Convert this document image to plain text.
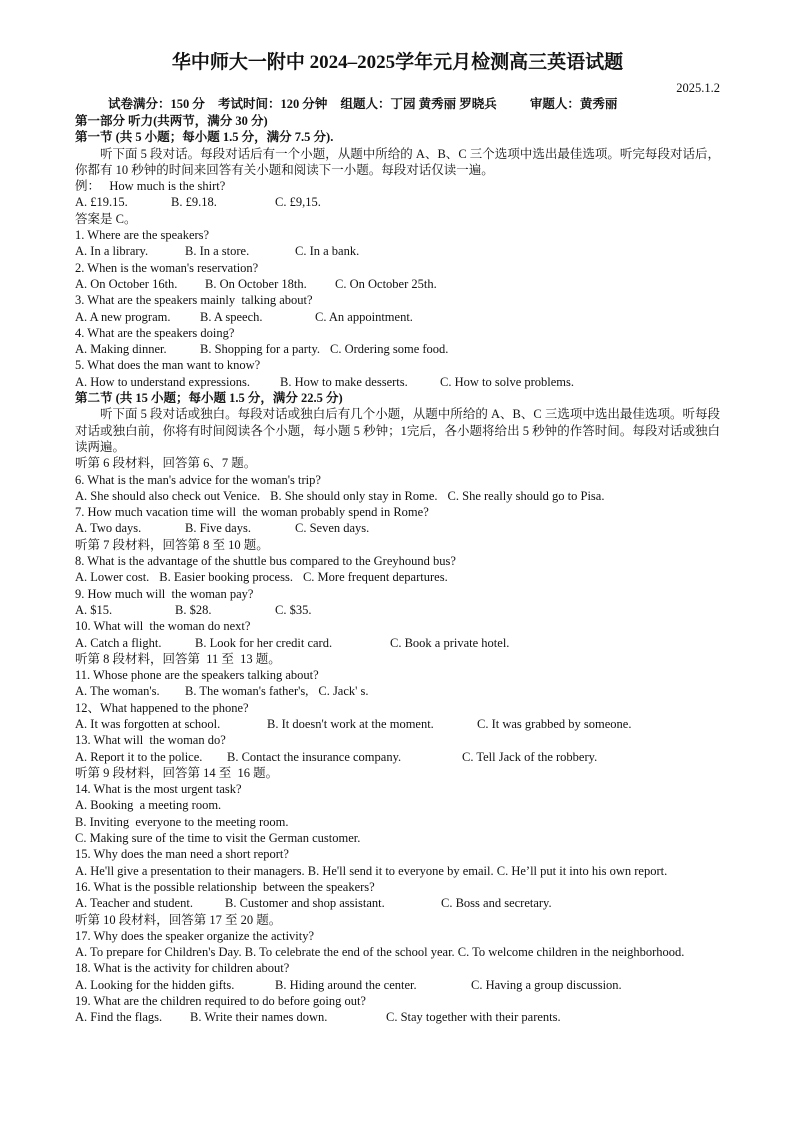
华中师大一附中 2024–2025学年元月检测高三英语试题
2025.1.2
试卷满分：150 分 考试时间：120 分钟 组题人：丁园 黄秀丽 罗晓兵	审题人：黄秀丽
第一部分 听力(共两节，满分 30 分)
第一节 (共 5 小题；每小题 1.5 分，满分 7.5 分).
听下面 5 段对话。每段对话后有一个小题，从题中所给的 A、B、C 三个选项中选出最佳选项。听完每段对话后，你都有 10 秒钟的时间来回答有关小题和阅读下一小题。每段对话仅读一遍。
例：   How much is the shirt?
A. £19.15.	B. £9.18.	C. £9,15.
答案是 C。
1. Where are the speakers?
A. In a library.	B. In a store.	C. In a bank.
2. When is the woman's reservation?
A. On October 16th. B. On October 18th. C. On October 25th.
3. What are the speakers mainly  talking about?
A. A new program. B. A speech.	C. An appointment.
4. What are the speakers doing?
A. Making dinner.	B. Shopping for a party. C. Ordering some food.
5. What does the man want to know?
A. How to understand expressions. B. How to make desserts.	C. How to solve problems.
第二节 (共 15 小题；每小题 1.5 分，满分 22.5 分)
听下面 5 段对话或独白。每段对话或独白后有几个小题，从题中所给的 A、B、C 三选项中选出最佳选项。听每段对话或独白前，你将有时间阅读各个小题，每小题 5 秒钟；1完后，各小题将给出 5 秒钟的作答时间。每段对话或独白读两遍。
听第 6 段材料，回答第 6、7 题。
6. What is the man's advice for the woman's trip?
A. She should also check out Venice. B. She should only stay in Rome. C. She really should go to Pisa.
7. How much vacation time will  the woman probably spend in Rome?
A. Two days.	B. Five days.	C. Seven days.
听第 7 段材料，回答第 8 至 10 题。
8. What is the advantage of the shuttle bus compared to the Greyhound bus?
A. Lower cost. B. Easier booking process. C. More frequent departures.
9. How much will  the woman pay?
A. $15.	B. $28.	C. $35.
10. What will  the woman do next?
A. Catch a flight.	B. Look for her credit card.	C. Book a private hotel.
听第 8 段材料，回答第  11 至  13 题。
11. Whose phone are the speakers talking about?
A. The woman's. B. The woman's father's, C. Jack' s.
12、What happened to the phone?
A. It was forgotten at school.	B. It doesn't work at the moment.	C. It was grabbed by someone.
13. What will  the woman do?
A. Report it to the police. B. Contact the insurance company.	C. Tell Jack of the robbery.
听第 9 段材料，回答第 14 至  16 题。
14. What is the most urgent task?
A. Booking  a meeting room.
B. Inviting  everyone to the meeting room.
C. Making sure of the time to visit the German customer.
15. Why does the man need a short report?
A. He'll give a presentation to their managers. B. He'll send it to everyone by email. C. He’ll put it into his own report.
16. What is the possible relationship  between the speakers?
A. Teacher and student.	B. Customer and shop assistant.	C. Boss and secretary.
听第 10 段材料，回答第 17 至 20 题。
17. Why does the speaker organize the activity?
A. To prepare for Children's Day. B. To celebrate the end of the school year. C. To welcome children in the neighborhood.
18. What is the activity for children about?
A. Looking for the hidden gifts.	B. Hiding around the center.	C. Having a group discussion.
19. What are the children required to do before going out?
A. Find the flags. B. Write their names down.	C. Stay together with their parents.
